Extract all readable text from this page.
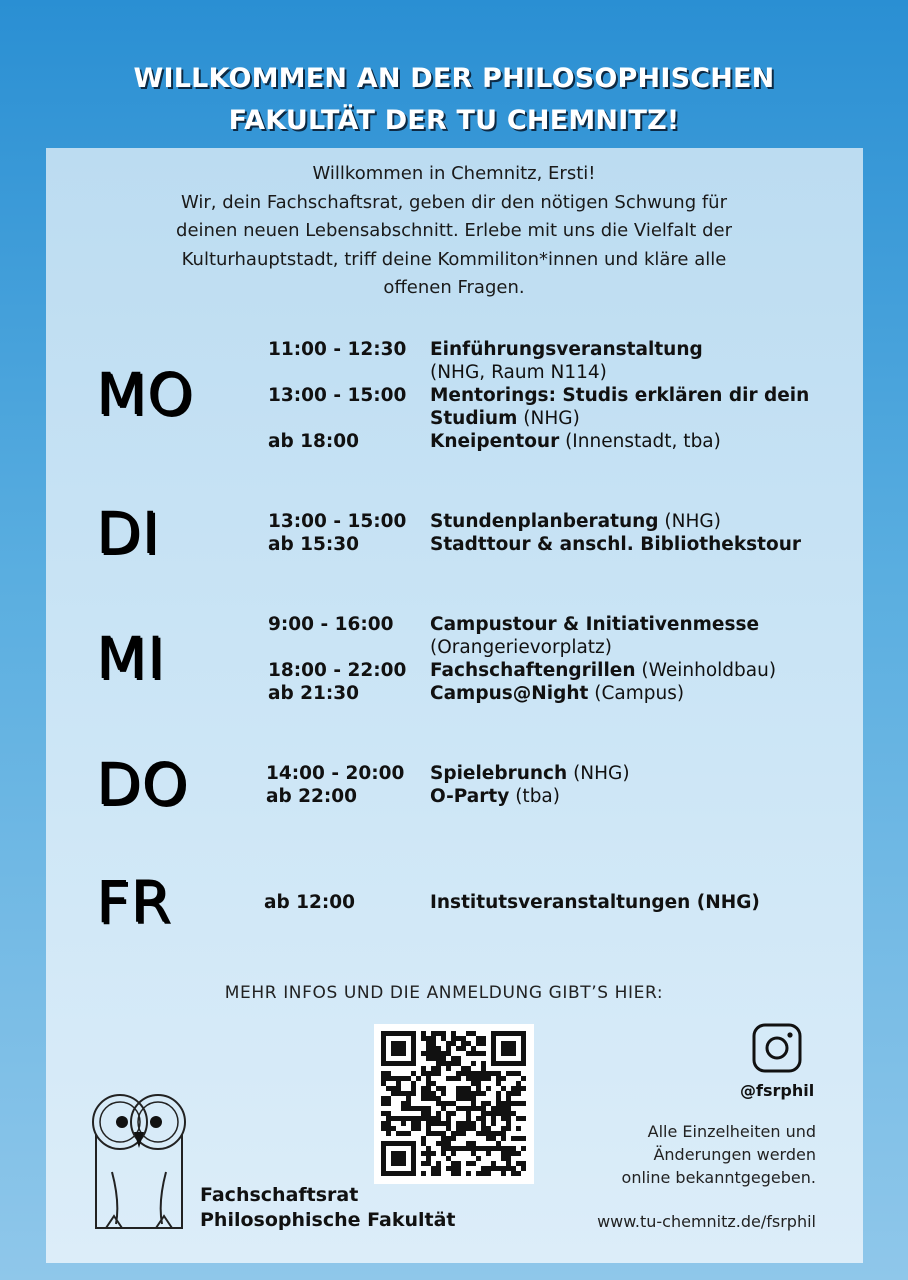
WILLKOMMEN AN DER PHILOSOPHISCHEN
FAKULTÄT DER TU CHEMNITZ!
Willkommen in Chemnitz, Ersti!
Wir, dein Fachschaftsrat, geben dir den nötigen Schwung für
deinen neuen Lebensabschnitt. Erlebe mit uns die Vielfalt der
Kulturhauptstadt, triff deine Kommiliton*innen und kläre alle
offenen Fragen.
MO
11:00 - 12:30 Einführungsveranstaltung
(NHG, Raum N114)
13:00 - 15:00 Mentorings: Studis erklären dir dein
Studium (NHG)
ab 18:00	Kneipentour (Innenstadt, tba)
DI	13:00 - 15:00 Stundenplanberatung (NHG)
ab 15:30	Stadttour & anschl. Bibliothekstour
MI	9:00 - 16:00 Campustour & Initiativenmesse
(Orangerievorplatz)
18:00 - 22:00 Fachschaftengrillen (Weinholdbau)
ab 21:30	Campus@Night (Campus)
DO	14:00 - 20:00 Spielebrunch (NHG)
ab 22:00	O-Party (tba)
FR	ab 12:00	Institutsveranstaltungen (NHG)
MEHR INFOS UND DIE ANMELDUNG GIBT’S HIER:
@fsrphil
Alle Einzelheiten und
Änderungen werden
online bekanntgegeben.
www.tu-chemnitz.de/fsrphil
Fachschaftsrat
Philosophische Fakultät
